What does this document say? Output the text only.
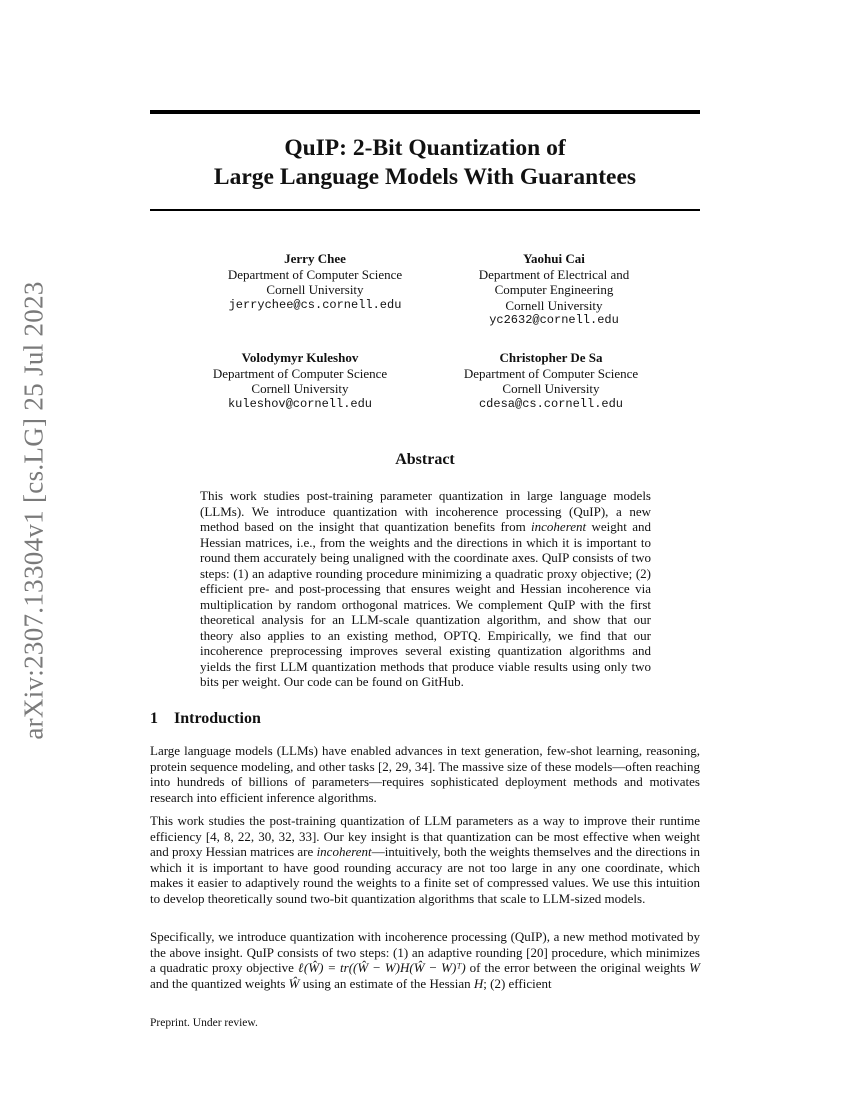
arXiv:2307.13304v1 [cs.LG] 25 Jul 2023
QuIP: 2-Bit Quantization of
Large Language Models With Guarantees
Jerry Chee
Department of Computer Science
Cornell University
jerrychee@cs.cornell.edu
Yaohui Cai
Department of Electrical and
Computer Engineering
Cornell University
yc2632@cornell.edu
Volodymyr Kuleshov
Department of Computer Science
Cornell University
kuleshov@cornell.edu
Christopher De Sa
Department of Computer Science
Cornell University
cdesa@cs.cornell.edu
Abstract
This work studies post-training parameter quantization in large language models (LLMs). We introduce quantization with incoherence processing (QuIP), a new method based on the insight that quantization benefits from incoherent weight and Hessian matrices, i.e., from the weights and the directions in which it is important to round them accurately being unaligned with the coordinate axes. QuIP consists of two steps: (1) an adaptive rounding procedure minimizing a quadratic proxy objective; (2) efficient pre- and post-processing that ensures weight and Hessian incoherence via multiplication by random orthogonal matrices. We complement QuIP with the first theoretical analysis for an LLM-scale quantization algorithm, and show that our theory also applies to an existing method, OPTQ. Empirically, we find that our incoherence preprocessing improves several existing quantization algorithms and yields the first LLM quantization methods that produce viable results using only two bits per weight. Our code can be found on GitHub.
1 Introduction
Large language models (LLMs) have enabled advances in text generation, few-shot learning, reasoning, protein sequence modeling, and other tasks [2, 29, 34]. The massive size of these models—often reaching into hundreds of billions of parameters—requires sophisticated deployment methods and motivates research into efficient inference algorithms.
This work studies the post-training quantization of LLM parameters as a way to improve their runtime efficiency [4, 8, 22, 30, 32, 33]. Our key insight is that quantization can be most effective when weight and proxy Hessian matrices are incoherent—intuitively, both the weights themselves and the directions in which it is important to have good rounding accuracy are not too large in any one coordinate, which makes it easier to adaptively round the weights to a finite set of compressed values. We use this intuition to develop theoretically sound two-bit quantization algorithms that scale to LLM-sized models.
Specifically, we introduce quantization with incoherence processing (QuIP), a new method motivated by the above insight. QuIP consists of two steps: (1) an adaptive rounding [20] procedure, which minimizes a quadratic proxy objective ℓ(Ŵ) = tr((Ŵ − W)H(Ŵ − W)ᵀ) of the error between the original weights W and the quantized weights Ŵ using an estimate of the Hessian H; (2) efficient
Preprint. Under review.
